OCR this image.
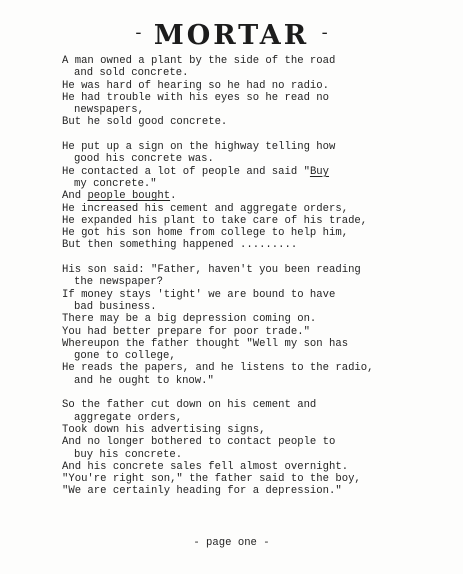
- MORTAR -
A man owned a plant by the side of the road
and sold concrete.
He was hard of hearing so he had no radio.
He had trouble with his eyes so he read no
newspapers,
But he sold good concrete.
He put up a sign on the highway telling how
good his concrete was.
He contacted a lot of people and said "Buy
my concrete."
And people bought.
He increased his cement and aggregate orders,
He expanded his plant to take care of his trade,
He got his son home from college to help him,
But then something happened .........
His son said: "Father, haven't you been reading
the newspaper?
If money stays 'tight' we are bound to have
bad business.
There may be a big depression coming on.
You had better prepare for poor trade."
Whereupon the father thought "Well my son has
gone to college,
He reads the papers, and he listens to the radio,
and he ought to know."
So the father cut down on his cement and
aggregate orders,
Took down his advertising signs,
And no longer bothered to contact people to
buy his concrete.
And his concrete sales fell almost overnight.
"You're right son," the father said to the boy,
"We are certainly heading for a depression."
- page one -
